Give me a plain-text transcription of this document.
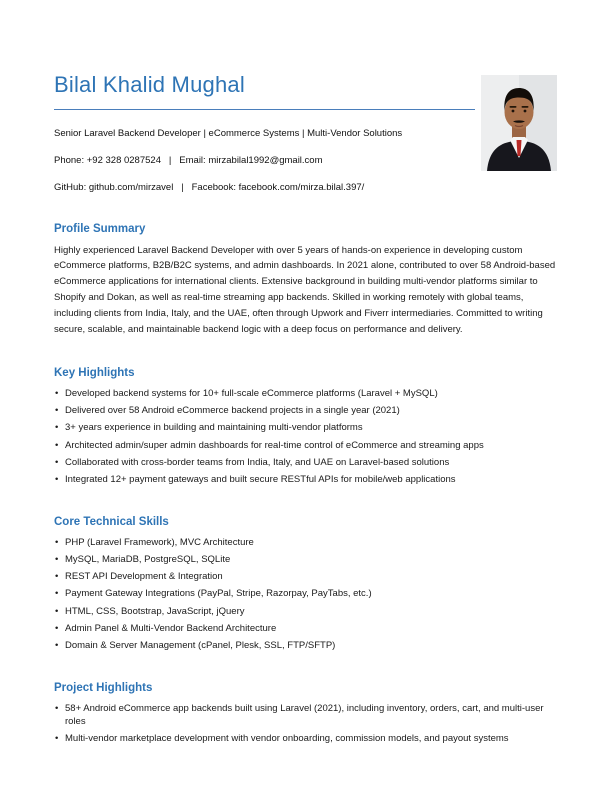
Bilal Khalid Mughal

Senior Laravel Backend Developer | eCommerce Systems | Multi-Vendor Solutions

Phone: +92 328 0287524   |   Email: mirzabilal1992@gmail.com

GitHub: github.com/mirzavel   |   Facebook: facebook.com/mirza.bilal.397/

Profile Summary

Highly experienced Laravel Backend Developer with over 5 years of hands-on experience in developing custom eCommerce platforms, B2B/B2C systems, and admin dashboards. In 2021 alone, contributed to over 58 Android-based eCommerce applications for international clients. Extensive background in building multi-vendor platforms similar to Shopify and Dokan, as well as real-time streaming app backends. Skilled in working remotely with global teams, including clients from India, Italy, and the UAE, often through Upwork and Fiverr intermediaries. Committed to writing secure, scalable, and maintainable backend logic with a deep focus on performance and delivery.

Key Highlights
• Developed backend systems for 10+ full-scale eCommerce platforms (Laravel + MySQL)
• Delivered over 58 Android eCommerce backend projects in a single year (2021)
• 3+ years experience in building and maintaining multi-vendor platforms
• Architected admin/super admin dashboards for real-time control of eCommerce and streaming apps
• Collaborated with cross-border teams from India, Italy, and UAE on Laravel-based solutions
• Integrated 12+ payment gateways and built secure RESTful APIs for mobile/web applications
Core Technical Skills
• PHP (Laravel Framework), MVC Architecture
• MySQL, MariaDB, PostgreSQL, SQLite
• REST API Development & Integration
• Payment Gateway Integrations (PayPal, Stripe, Razorpay, PayTabs, etc.)
• HTML, CSS, Bootstrap, JavaScript, jQuery
• Admin Panel & Multi-Vendor Backend Architecture
• Domain & Server Management (cPanel, Plesk, SSL, FTP/SFTP)
Project Highlights
• 58+ Android eCommerce app backends built using Laravel (2021), including inventory, orders, cart, and multi-user roles
• Multi-vendor marketplace development with vendor onboarding, commission models, and payout systems
